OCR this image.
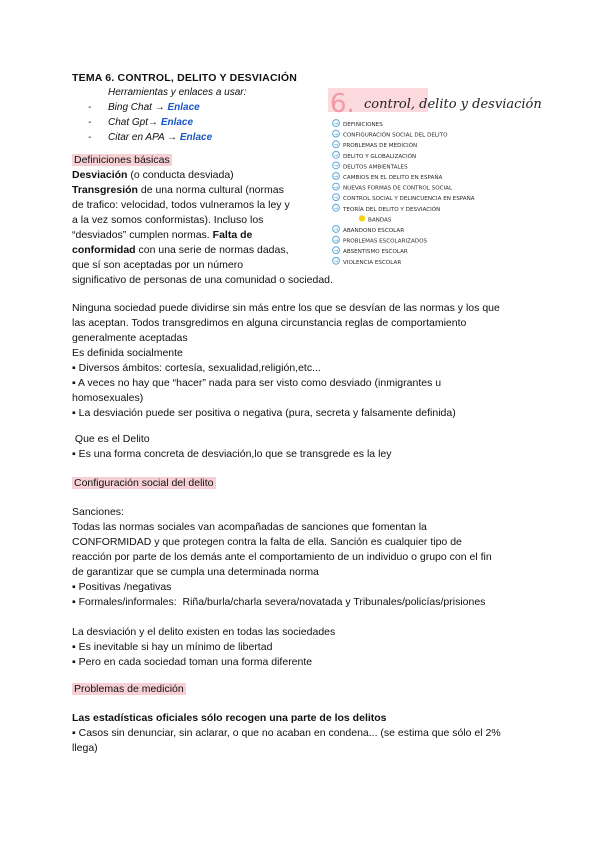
TEMA 6. CONTROL, DELITO Y DESVIACIÓN
Herramientas y enlaces a usar:
- Bing Chat → Enlace
- Chat Gpt→ Enlace
- Citar en APA → Enlace
6. control, delito y desviación
→ DEFINICIONES
→ CONFIGURACIÓN SOCIAL DEL DELITO
→ PROBLEMAS DE MEDICIÓN
→ DELITO Y GLOBALIZACIÓN
→ DELITOS AMBIENTALES
→ CAMBIOS EN EL DELITO EN ESPAÑA
→ NUEVAS FORMAS DE CONTROL SOCIAL
→ CONTROL SOCIAL Y DELINCUENCIA EN ESPAÑA
→ TEORÍA DEL DELITO Y DESVIACIÓN
BANDAS
→ ABANDONO ESCOLAR
→ PROBLEMAS ESCOLARIZADOS
→ ABSENTISMO ESCOLAR
→ VIOLENCIA ESCOLAR
Definiciones básicas

Desviación (o conducta desviada)

Transgresión de una norma cultural (normas

de trafico: velocidad, todos vulneramos la ley y

a la vez somos conformistas). Incluso los

“desviados” cumplen normas. Falta de

conformidad con una serie de normas dadas,

que sí son aceptadas por un número

significativo de personas de una comunidad o sociedad.

Ninguna sociedad puede dividirse sin más entre los que se desvían de las normas y los que

las aceptan. Todos transgredimos en alguna circunstancia reglas de comportamiento

generalmente aceptadas

Es definida socialmente

▪ Diversos ámbitos: cortesía, sexualidad,religión,etc...

▪ A veces no hay que “hacer” nada para ser visto como desviado (inmigrantes u

homosexuales)

▪ La desviación puede ser positiva o negativa (pura, secreta y falsamente definida)

Que es el Delito

▪ Es una forma concreta de desviación,lo que se transgrede es la ley

Configuración social del delito

Sanciones:

Todas las normas sociales van acompañadas de sanciones que fomentan la

CONFORMIDAD y que protegen contra la falta de ella. Sanción es cualquier tipo de

reacción por parte de los demás ante el comportamiento de un individuo o grupo con el fin

de garantizar que se cumpla una determinada norma

▪ Positivas /negativas

▪ Formales/informales:  Riña/burla/charla severa/novatada y Tribunales/policías/prisiones

La desviación y el delito existen en todas las sociedades

▪ Es inevitable si hay un mínimo de libertad

▪ Pero en cada sociedad toman una forma diferente

Problemas de medición

Las estadísticas oficiales sólo recogen una parte de los delitos

▪ Casos sin denunciar, sin aclarar, o que no acaban en condena... (se estima que sólo el 2%

llega)
